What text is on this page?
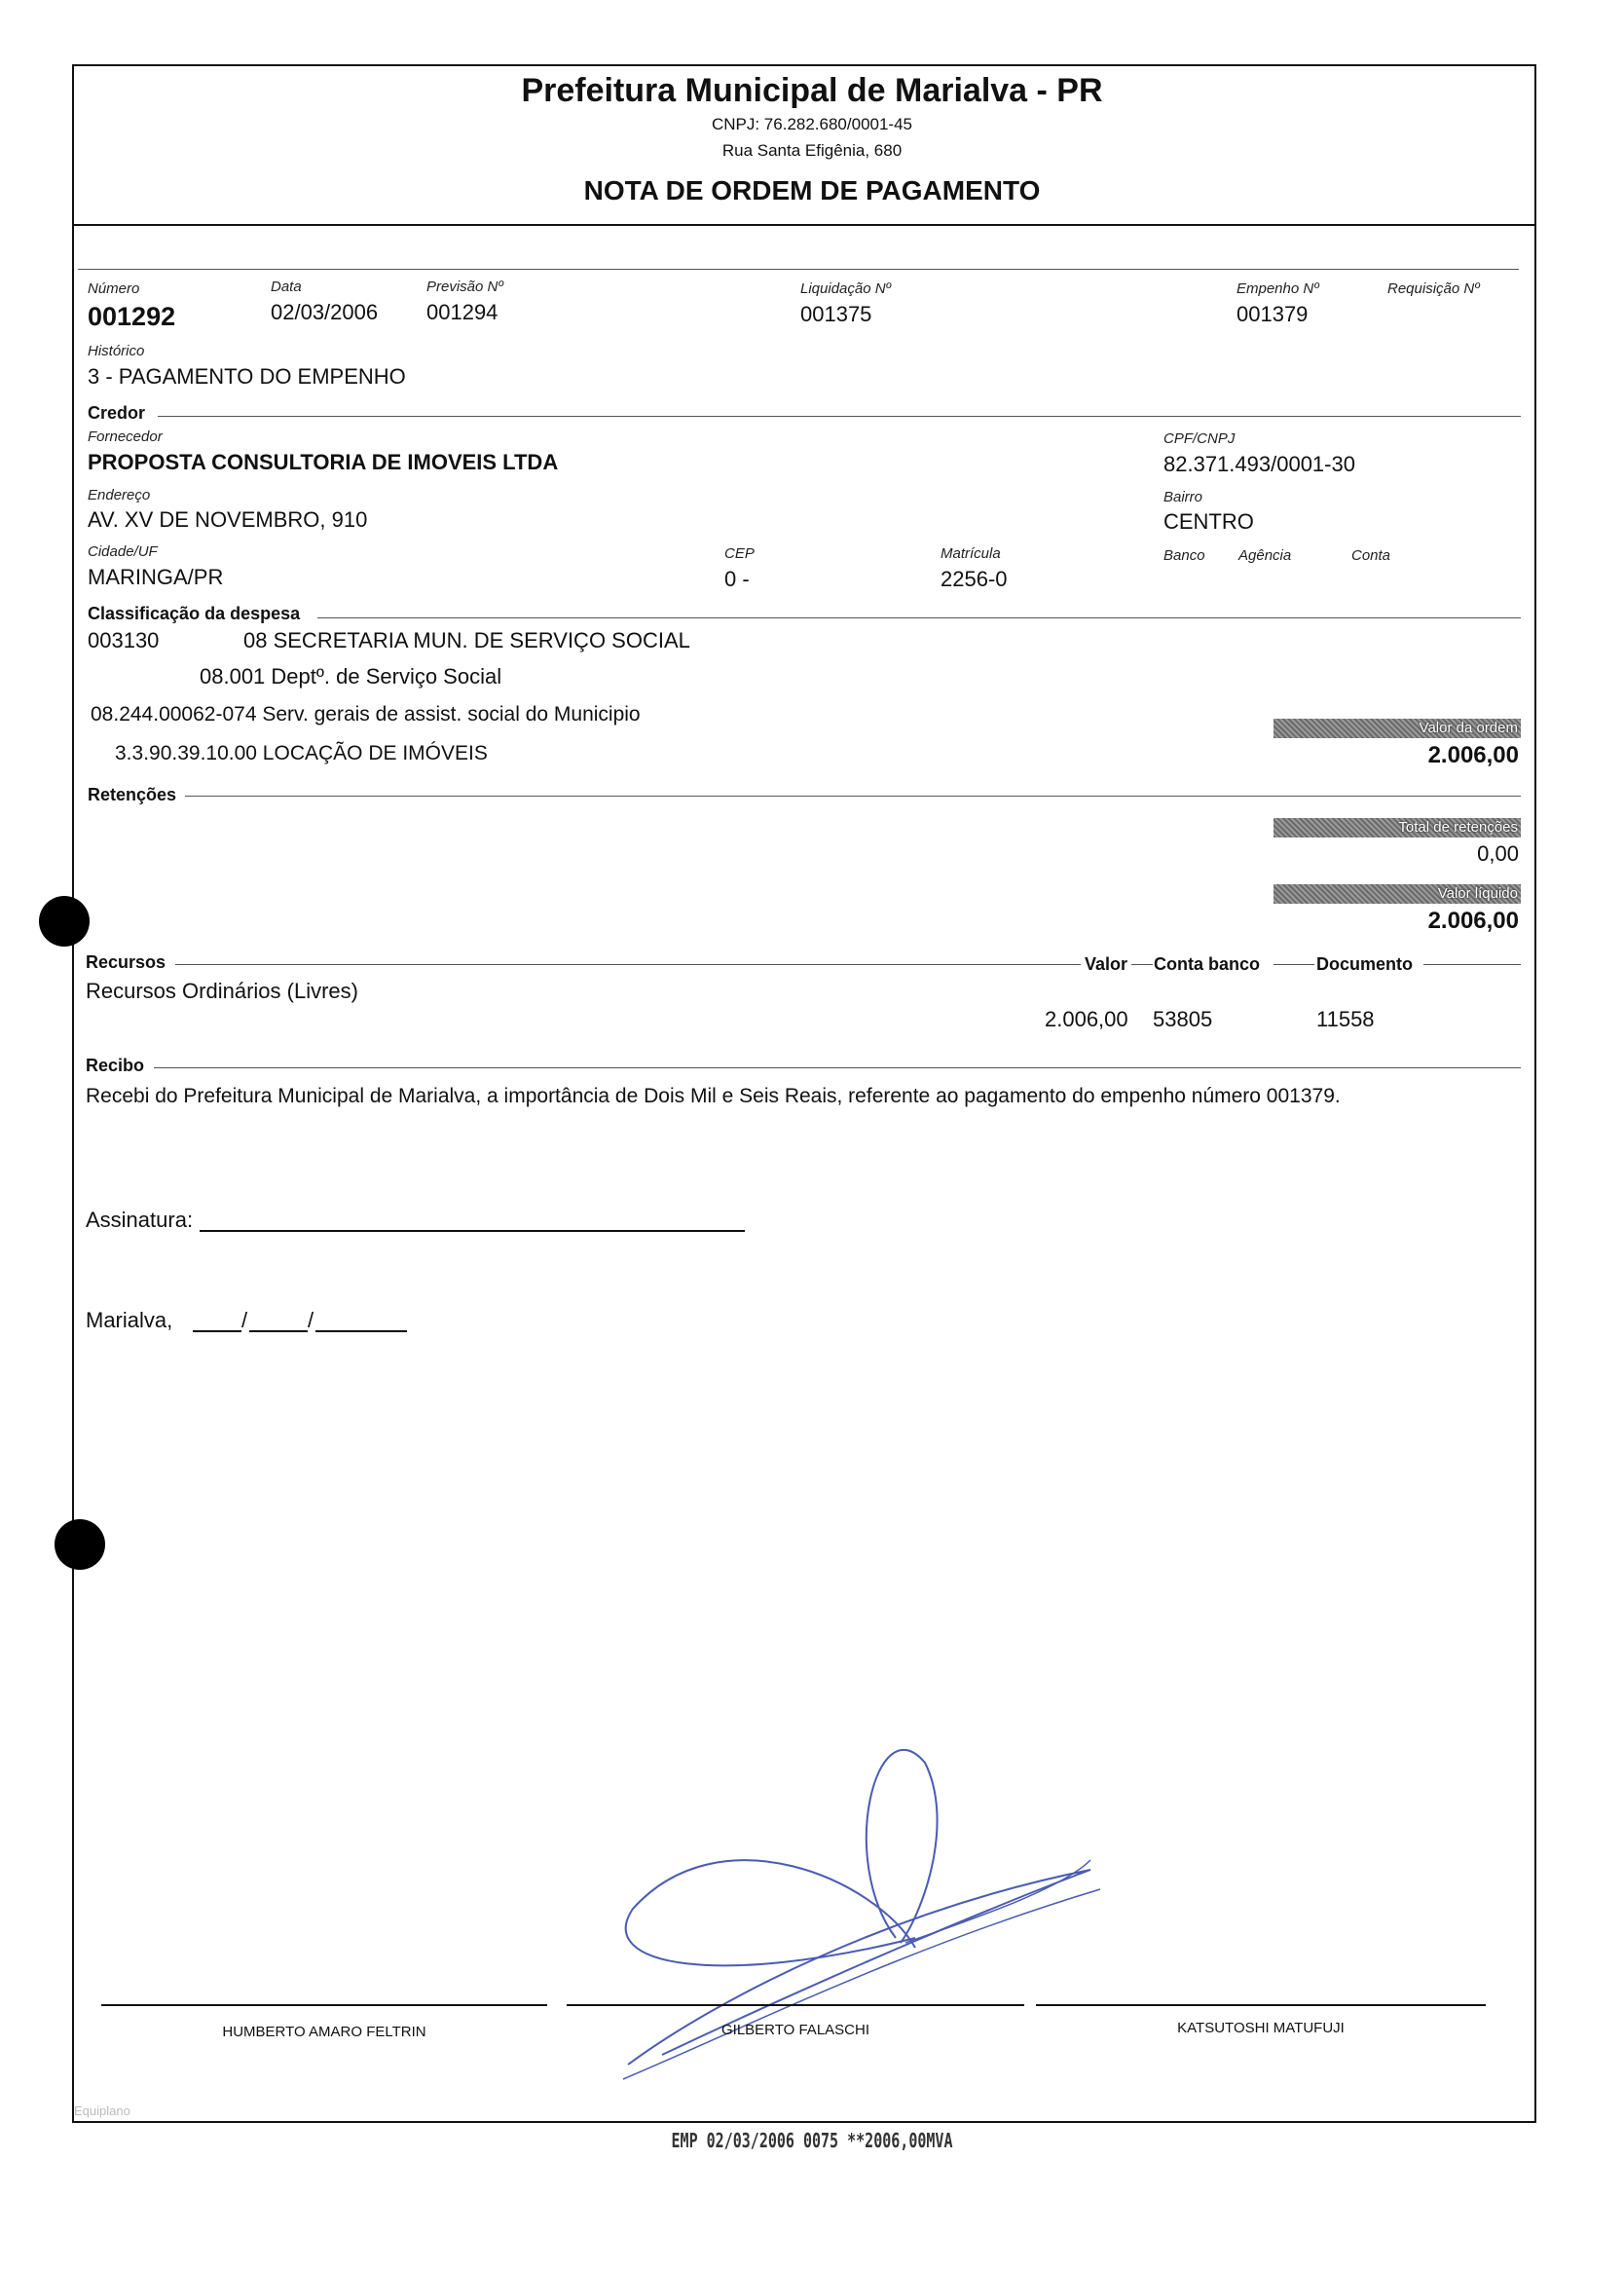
Prefeitura Municipal de Marialva - PR
CNPJ: 76.282.680/0001-45
Rua Santa Efigênia, 680
NOTA DE ORDEM DE PAGAMENTO
Número
001292
Data
02/03/2006
Previsão Nº
001294
Liquidação Nº
001375
Empenho Nº
001379
Requisição Nº
Histórico
3 - PAGAMENTO DO EMPENHO
Credor
Fornecedor
PROPOSTA CONSULTORIA DE IMOVEIS LTDA
CPF/CNPJ
82.371.493/0001-30
Endereço
AV. XV DE NOVEMBRO, 910
Bairro
CENTRO
Cidade/UF
MARINGA/PR
CEP
0 -
Matrícula
2256-0
Banco Agência	Conta
Classificação da despesa
003130	08 SECRETARIA MUN. DE SERVIÇO SOCIAL
08.001 Deptº. de Serviço Social
08.244.00062-074 Serv. gerais de assist. social do Municipio
3.3.90.39.10.00 LOCAÇÃO DE IMÓVEIS
Valor da ordem
2.006,00
Retenções
Total de retenções
0,00
Valor líquido
2.006,00
Recursos	Valor Conta banco	Documento
Recursos Ordinários (Livres)
2.006,00 53805	11558
Recibo
Recebi do Prefeitura Municipal de Marialva, a importância de Dois Mil e Seis Reais, referente ao pagamento do empenho número 001379.
Assinatura:
Marialva,	/	/
HUMBERTO AMARO FELTRIN	GILBERTO FALASCHI	KATSUTOSHI MATUFUJI
Equiplano
EMP 02/03/2006 0075 **2006,00MVA
